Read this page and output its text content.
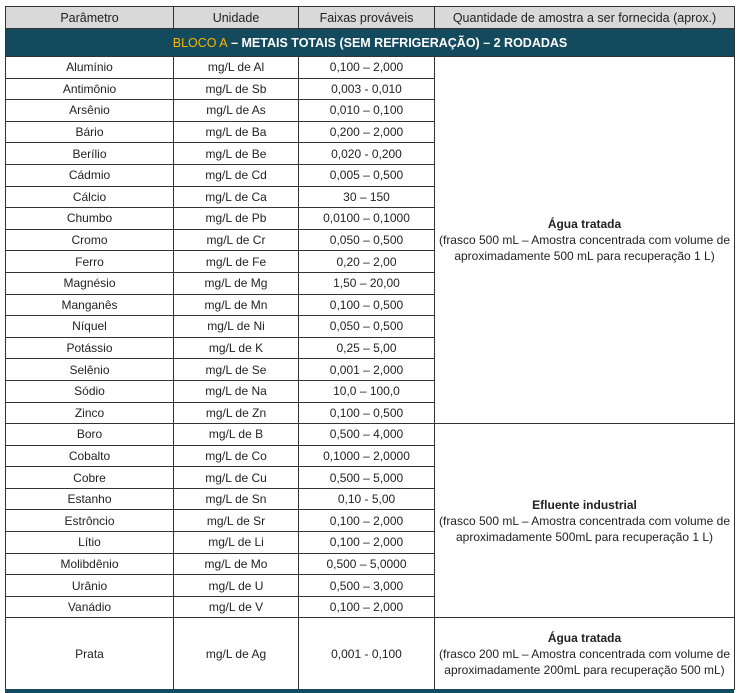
Parâmetro	Unidade	Faixas prováveis	Quantidade de amostra a ser fornecida (aprox.)
BLOCO A – METAIS TOTAIS (SEM REFRIGERAÇÃO) – 2 RODADAS			
Alumínio	mg/L de Al	0,100 – 2,000	Água tratada
(frasco 500 mL – Amostra concentrada com volume de aproximadamente 500 mL para recuperação 1 L)
Antimônio	mg/L de Sb	0,003 - 0,010	
Arsênio	mg/L de As	0,010 – 0,100	
Bário	mg/L de Ba	0,200 – 2,000	
Berílio	mg/L de Be	0,020 - 0,200	
Cádmio	mg/L de Cd	0,005 – 0,500	
Cálcio	mg/L de Ca	30 – 150	
Chumbo	mg/L de Pb	0,0100 – 0,1000	
Cromo	mg/L de Cr	0,050 – 0,500	
Ferro	mg/L de Fe	0,20 – 2,00	
Magnésio	mg/L de Mg	1,50 – 20,00	
Manganês	mg/L de Mn	0,100 – 0,500	
Níquel	mg/L de Ni	0,050 – 0,500	
Potássio	mg/L de K	0,25 – 5,00	
Selênio	mg/L de Se	0,001 – 2,000	
Sódio	mg/L de Na	10,0 – 100,0	
Zinco	mg/L de Zn	0,100 – 0,500	
Boro	mg/L de B	0,500 – 4,000	Efluente industrial
(frasco 500 mL – Amostra concentrada com volume de aproximadamente 500mL para recuperação 1 L)
Cobalto	mg/L de Co	0,1000 – 2,0000	
Cobre	mg/L de Cu	0,500 – 5,000	
Estanho	mg/L de Sn	0,10 - 5,00	
Estrôncio	mg/L de Sr	0,100 – 2,000	
Lítio	mg/L de Li	0,100 – 2,000	
Molibdênio	mg/L de Mo	0,500 – 5,0000	
Urânio	mg/L de U	0,500 – 3,000	
Vanádio	mg/L de V	0,100 – 2,000	
Prata	mg/L de Ag	0,001 - 0,100	Água tratada
(frasco 200 mL – Amostra concentrada com volume de aproximadamente 200mL para recuperação 500 mL)
